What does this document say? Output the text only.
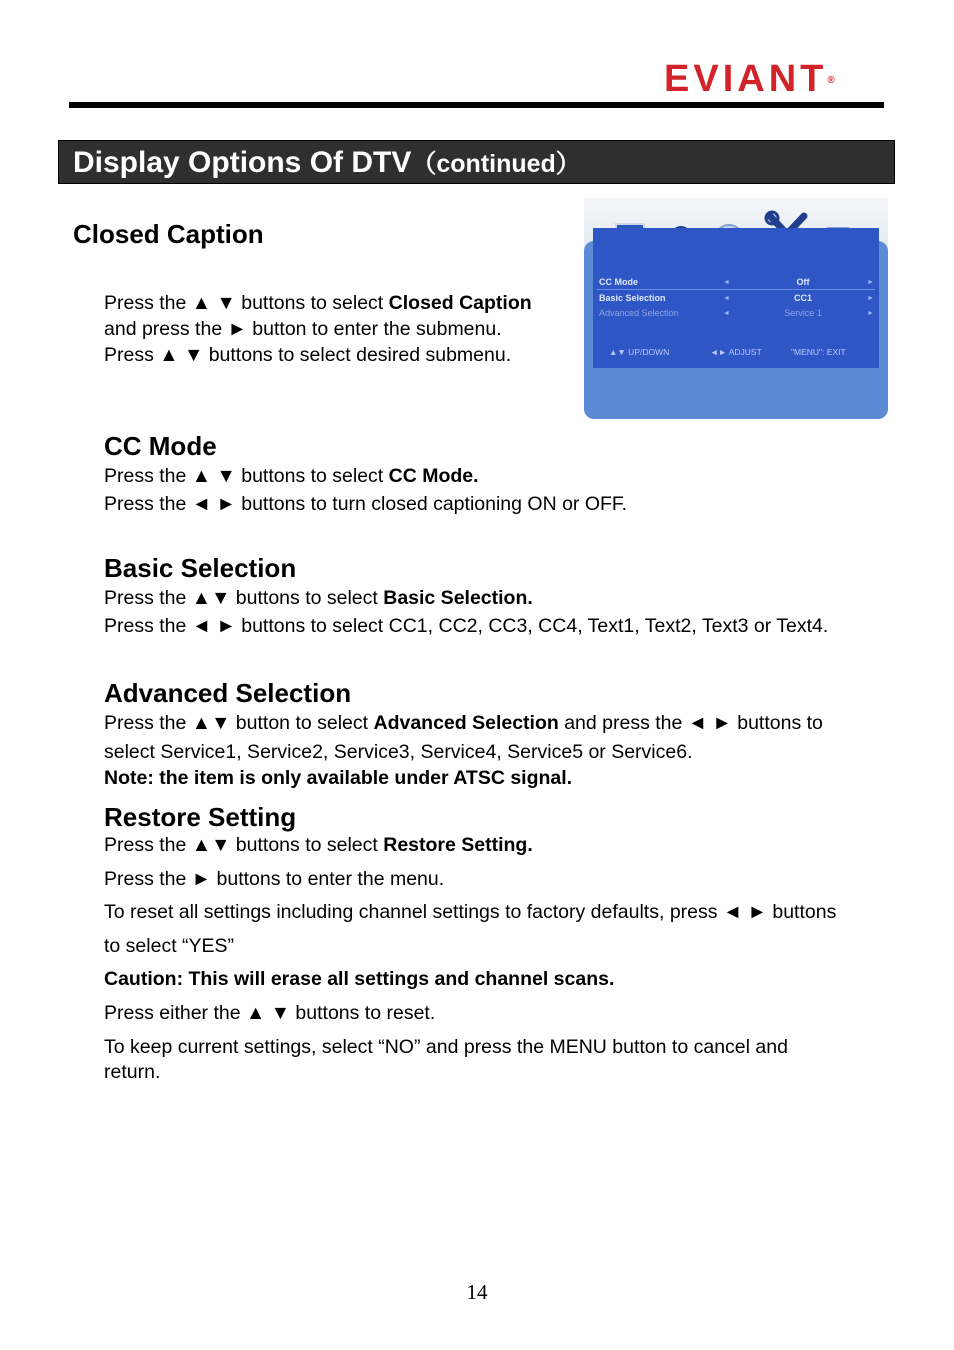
EVIANT®
Display Options Of DTV（continued）
Closed Caption
Press the ▲ ▼ buttons to select Closed Caption
and press the ► button to enter the submenu.
Press ▲ ▼ buttons to select desired submenu.
CC Mode	◄	Off	►
Basic Selection	◄	CC1	►
Advanced Selection	◄	Service 1	►
▲▼ UP/DOWN	◄► ADJUST	"MENU": EXIT
CC Mode
Press the ▲ ▼ buttons to select CC Mode.
Press the ◄ ► buttons to turn closed captioning ON or OFF.
Basic Selection
Press the ▲▼ buttons to select Basic Selection.
Press the ◄ ► buttons to select CC1, CC2, CC3, CC4, Text1, Text2, Text3 or Text4.
Advanced Selection
Press the ▲▼ button to select Advanced Selection and press the ◄ ► buttons to
select Service1, Service2, Service3, Service4, Service5 or Service6.
Note: the item is only available under ATSC signal.
Restore Setting
Press the ▲▼ buttons to select Restore Setting.
Press the ► buttons to enter the menu.
To reset all settings including channel settings to factory defaults, press ◄ ► buttons
to select “YES”
Caution: This will erase all settings and channel scans.
Press either the ▲ ▼ buttons to reset.
To keep current settings, select “NO” and press the MENU button to cancel and
return.
14
